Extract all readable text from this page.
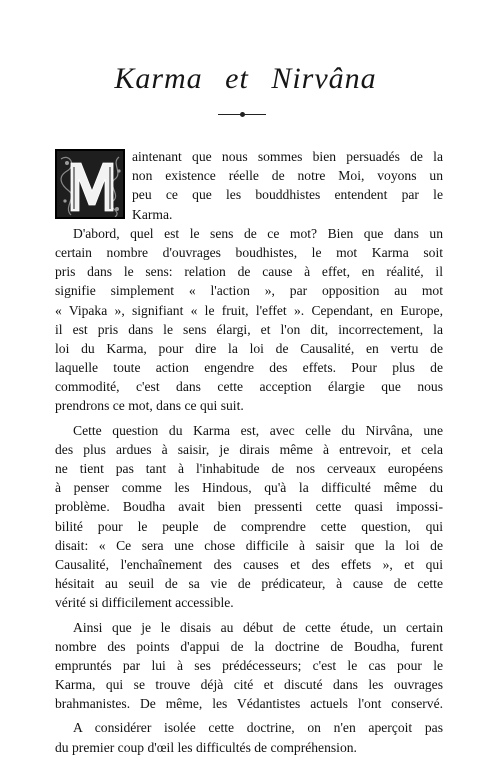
Karma et Nirvâna
aintenant que nous sommes bien persuadés de la
non existence réelle de notre Moi, voyons un
peu ce que les bouddhistes entendent par le
Karma.
D'abord, quel est le sens de ce mot? Bien que dans un
certain nombre d'ouvrages boudhistes, le mot Karma soit
pris dans le sens: relation de cause à effet, en réalité, il
signifie simplement « l'action », par opposition au mot
« Vipaka », signifiant « le fruit, l'effet ». Cependant, en Europe,
il est pris dans le sens élargi, et l'on dit, incorrectement, la
loi du Karma, pour dire la loi de Causalité, en vertu de
laquelle toute action engendre des effets. Pour plus de
commodité, c'est dans cette acception élargie que nous
prendrons ce mot, dans ce qui suit.
Cette question du Karma est, avec celle du Nirvâna, une
des plus ardues à saisir, je dirais même à entrevoir, et cela
ne tient pas tant à l'inhabitude de nos cerveaux européens
à penser comme les Hindous, qu'à la difficulté même du
problème. Boudha avait bien pressenti cette quasi impossi-
bilité pour le peuple de comprendre cette question, qui
disait: « Ce sera une chose difficile à saisir que la loi de
Causalité, l'enchaînement des causes et des effets », et qui
hésitait au seuil de sa vie de prédicateur, à cause de cette
vérité si difficilement accessible.
Ainsi que je le disais au début de cette étude, un certain
nombre des points d'appui de la doctrine de Boudha, furent
empruntés par lui à ses prédécesseurs; c'est le cas pour le
Karma, qui se trouve déjà cité et discuté dans les ouvrages
brahmanistes. De même, les Védantistes actuels l'ont conservé.
A considérer isolée cette doctrine, on n'en aperçoit pas
du premier coup d'œil les difficultés de compréhension.
